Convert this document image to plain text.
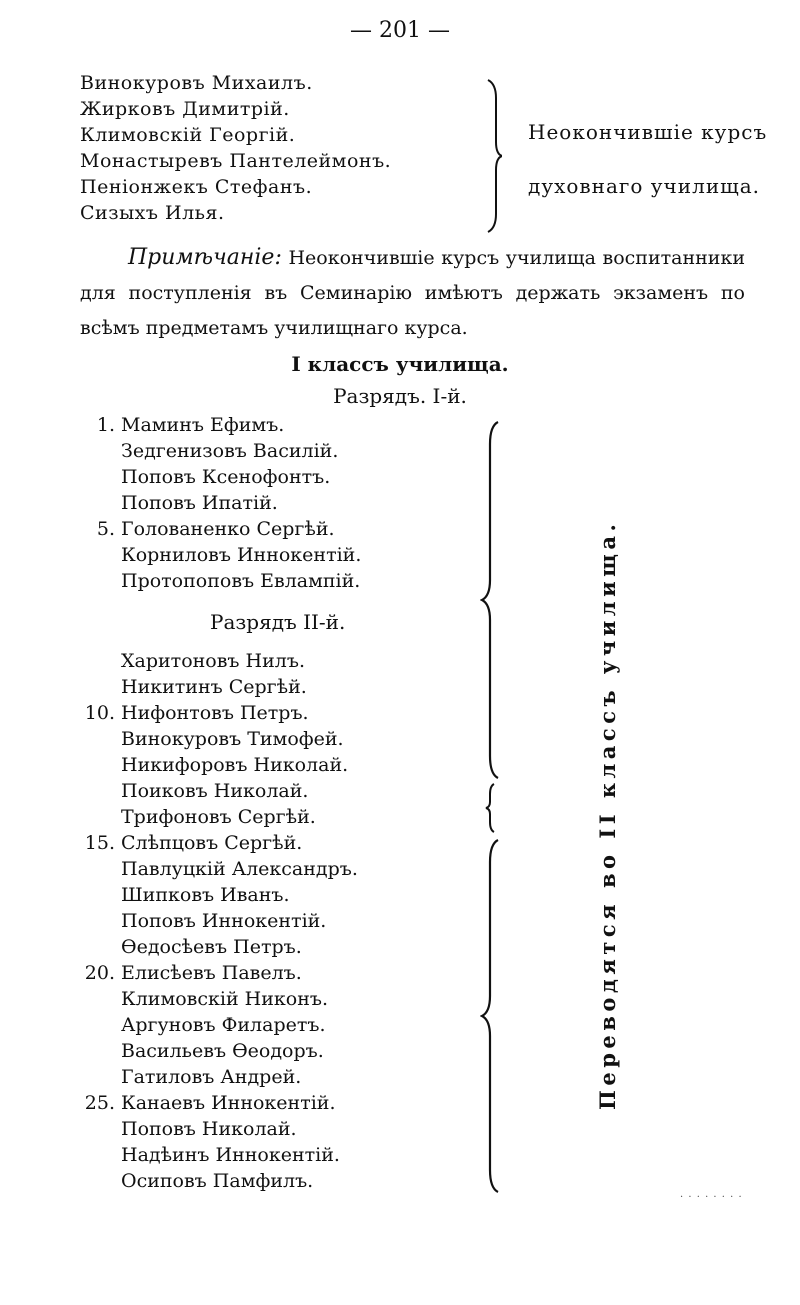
— 201 —
Винокуровъ Михаилъ.
Жирковъ Димитрій.
Климовскій Георгій.
Монастыревъ Пантелеймонъ.
Пеніонжекъ Стефанъ.
Сизыхъ Илья.
Неокончившіе курсъ
духовнаго училища.
Примѣчаніе: Неокончившіе курсъ училища воспитанники для поступленія въ Семинарію имѣютъ держать экзаменъ по всѣмъ предметамъ училищнаго курса.
I классъ училища.
Разрядъ. I-й.
1. Маминъ Ефимъ.
Зедгенизовъ Василій.
Поповъ Ксенофонтъ.
Поповъ Ипатій.
5. Голованенко Сергѣй.
Корниловъ Иннокентій.
Протопоповъ Евлампій.
Разрядъ II-й.
Харитоновъ Нилъ.
Никитинъ Сергѣй.
10. Нифонтовъ Петръ.
Винокуровъ Тимофей.
Никифоровъ Николай.
Поиковъ Николай.
Трифоновъ Сергѣй.
15. Слѣпцовъ Сергѣй.
Павлуцкій Александръ.
Шипковъ Иванъ.
Поповъ Иннокентій.
Ѳедосѣевъ Петръ.
20. Елисѣевъ Павелъ.
Климовскій Никонъ.
Аргуновъ Филаретъ.
Васильевъ Ѳеодоръ.
Гатиловъ Андрей.
25. Канаевъ Иннокентій.
Поповъ Николай.
Надѣинъ Иннокентій.
Осиповъ Памфилъ.
Переводятся во II классъ училища.
· · · · · · · ·
